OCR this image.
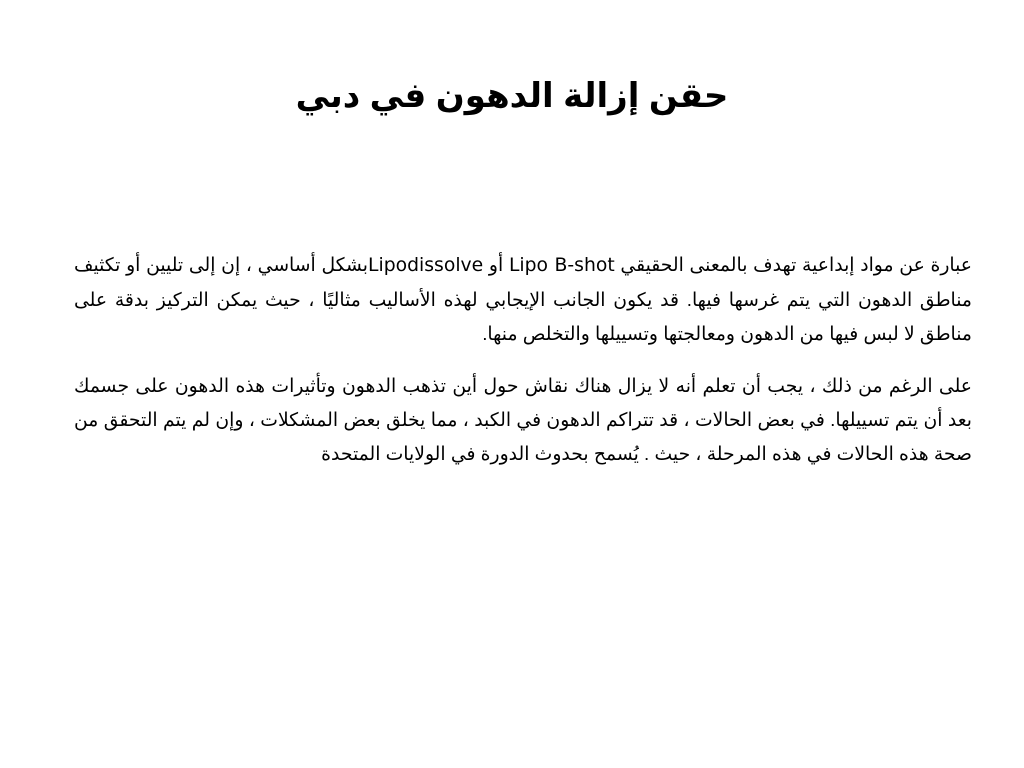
حقن إزالة الدهون في دبي

عبارة عن مواد إبداعية تهدف بالمعنى الحقيقي Lipo B-shot أو Lipodissolveبشكل أساسي ، إن إلى تليين أو تكثيف مناطق الدهون التي يتم غرسها فيها. قد يكون الجانب الإيجابي لهذه الأساليب مثاليًا ، حيث يمكن التركيز بدقة على مناطق لا لبس فيها من الدهون ومعالجتها وتسييلها والتخلص منها.

على الرغم من ذلك ، يجب أن تعلم أنه لا يزال هناك نقاش حول أين تذهب الدهون وتأثيرات هذه الدهون على جسمك بعد أن يتم تسييلها. في بعض الحالات ، قد تتراكم الدهون في الكبد ، مما يخلق بعض المشكلات ، وإن لم يتم التحقق من صحة هذه الحالات في هذه المرحلة ، حيث . يُسمح بحدوث الدورة في الولايات المتحدة
